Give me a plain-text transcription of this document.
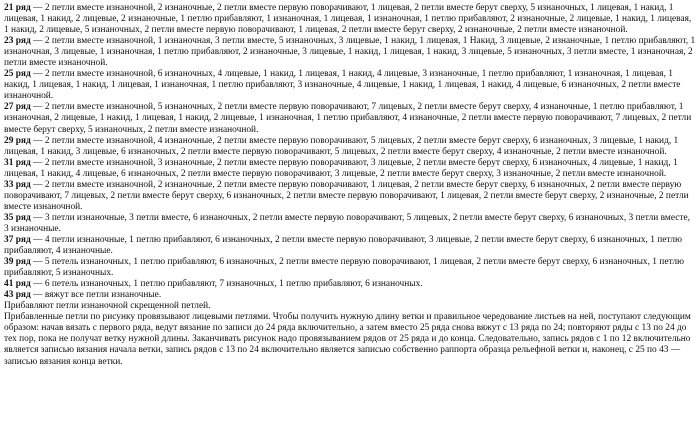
21 ряд — 2 петли вместе изнаночной, 2 изнаночные, 2 петли вместе первую поворачивают, 1 лицевая, 2 петли вместе берут сверху, 5 изнаночных, 1 лицевая, 1 накид, 1 лицевая, 1 накид, 2 лицевые, 2 изнаночные, 1 петлю прибавляют, 1 изнаночная, 1 лицевая, 1 изнаночная, 1 петлю прибавляют, 2 изнаночные, 2 лицевые, 1 накид, 1 лицевая, 1 накид, 2 лицевые, 5 изнаночных, 2 петли вместе первую поворачивают, 1 лицевая, 2 петли вместе берут сверху, 2 изнаночные, 2 петли вместе изнаночной.

23 ряд — 2 петли вместе изнаночной, 1 изнаночная, 3 петли вместе, 5 изнаночных, 3 лицевые, 1 накид, 1 лицевая, 1 Накид, 3 лицевые, 2 изнаночные, 1 петлю прибавляют, 1 изнаночная, 3 лицевые, 1 изнаночная, 1 петлю прибавляют, 2 изнаночные, 3 лицевые, 1 накид, 1 лицевая, 1 накид, 3 лицевые, 5 изнаночных, 3 петли вместе, 1 изнаночная, 2 петли вместе изнаночной.

25 ряд — 2 петли вместе изнаночной, 6 изнаночных, 4 лицевые, 1 накид, 1 лицевая, 1 накид, 4 лицевые, 3 изнаночные, 1 петлю прибавляют, 1 изнаночная, 1 лицевая, 1 накид, 1 лицевая, 1 накид, 1 лицевая, 1 изнаночная, 1 петлю прибавляют, 3 изнаночные, 4 лицевые, 1 накид, 1 лицевая, 1 накид, 4 лицевые, 6 изнаночных, 2 петли вместе изнаночной.

27 ряд — 2 петли вместе изнаночной, 5 изнаночных, 2 петли вместе первую поворачивают, 7 лицевых, 2 петли вместе берут сверху, 4 изнаночные, 1 петлю прибавляют, 1 изнаночная, 2 лицевые, 1 накид, 1 лицевая, 1 накид, 2 лицевые, 1 изнаночная, 1 петлю прибавляют, 4 изнаночные, 2 петли вместе первую поворачивают, 7 лицевых, 2 петли вместе берут сверху, 5 изнаночных, 2 петли вместе изнаночной.

29 ряд — 2 петли вместе изнаночной, 4 изнаночные, 2 петли вместе первую поворачивают, 5 лицевых, 2 петли вместе берут сверху, 6 изнаночных, 3 лицевые, 1 накид, 1 лицевая, 1 накид, 3 лицевые, 6 изнаночных, 2 петли вместе первую поворачивают, 5 лицевых, 2 петли вместе берут сверху, 4 изнаночные, 2 петли вместе изнаночной.

31 ряд — 2 петли вместе изнаночной, 3 изнаночные, 2 петли вместе первую поворачивают, 3 лицевые, 2 петли вместе берут сверху, 6 изнаночных, 4 лицевые, 1 накид, 1 лицевая, 1 накид, 4 лицевые, 6 изнаночных, 2 петли вместе первую поворачивают, 3 лицевые, 2 петли вместе берут сверху, 3 изнаночные, 2 петли вместе изнаночной.

33 ряд — 2 петли вместе изнаночной, 2 изнаночные, 2 петли вместе первую поворачивают, 1 лицевая, 2 петли вместе берут сверху, 6 изнаночных, 2 петли вместе первую поворачивают, 7 лицевых, 2 петли вместе берут сверху, 6 изнаночных, 2 петли вместе первую поворачивают, 1 лицевая, 2 петли вместе берут сверху, 2 изнаночные, 2 петли вместе изнаночной.

35 ряд — 3 петли изнаночные, 3 петли вместе, 6 изнаночных, 2 петли вместе первую поворачивают, 5 лицевых, 2 петли вместе берут сверху, 6 изнаночных, 3 петли вместе, 3 изнаночные.

37 ряд — 4 петли изнаночные, 1 петлю прибавляют, 6 изнаночных, 2 петли вместе первую поворачивают, 3 лицевые, 2 петли вместе берут сверху, 6 изнаночных, 1 петлю прибавляют, 4 изнаночные.

39 ряд — 5 петель изнаночных, 1 петлю прибавляют, 6 изнаночных, 2 петли вместе первую поворачивают, 1 лицевая, 2 петли вместе берут сверху, 6 изнаночных, 1 петлю прибавляют, 5 изнаночных.

41 ряд — 6 петель изнаночных, 1 петлю прибавляют, 7 изнаночных, 1 петлю прибавляют, 6 изнаночных.

43 ряд — вяжут все петли изнаночные.

Прибавляют петли изнаночной скрещенной петлей.

Прибавленные петли по рисунку провязывают лицевыми петлями. Чтобы получить нужную длину ветки и правильное чередование листьев на ней, поступают следующим образом: начав вязать с первого ряда, ведут вязание по записи до 24 ряда включительно, а затем вместо 25 ряда снова вяжут с 13 ряда по 24; повторяют ряды с 13 по 24 до тех пор, пока не получат ветку нужной длины. Заканчивать рисунок надо провязыванием рядов от 25 ряда и до конца. Следовательно, запись рядов с 1 по 12 включительно является записью вязания начала ветки, запись рядов с 13 по 24 включительно является записью собственно раппорта образца рельефной ветки и, наконец, с 25 по 43 — записью вязания конца ветки.
